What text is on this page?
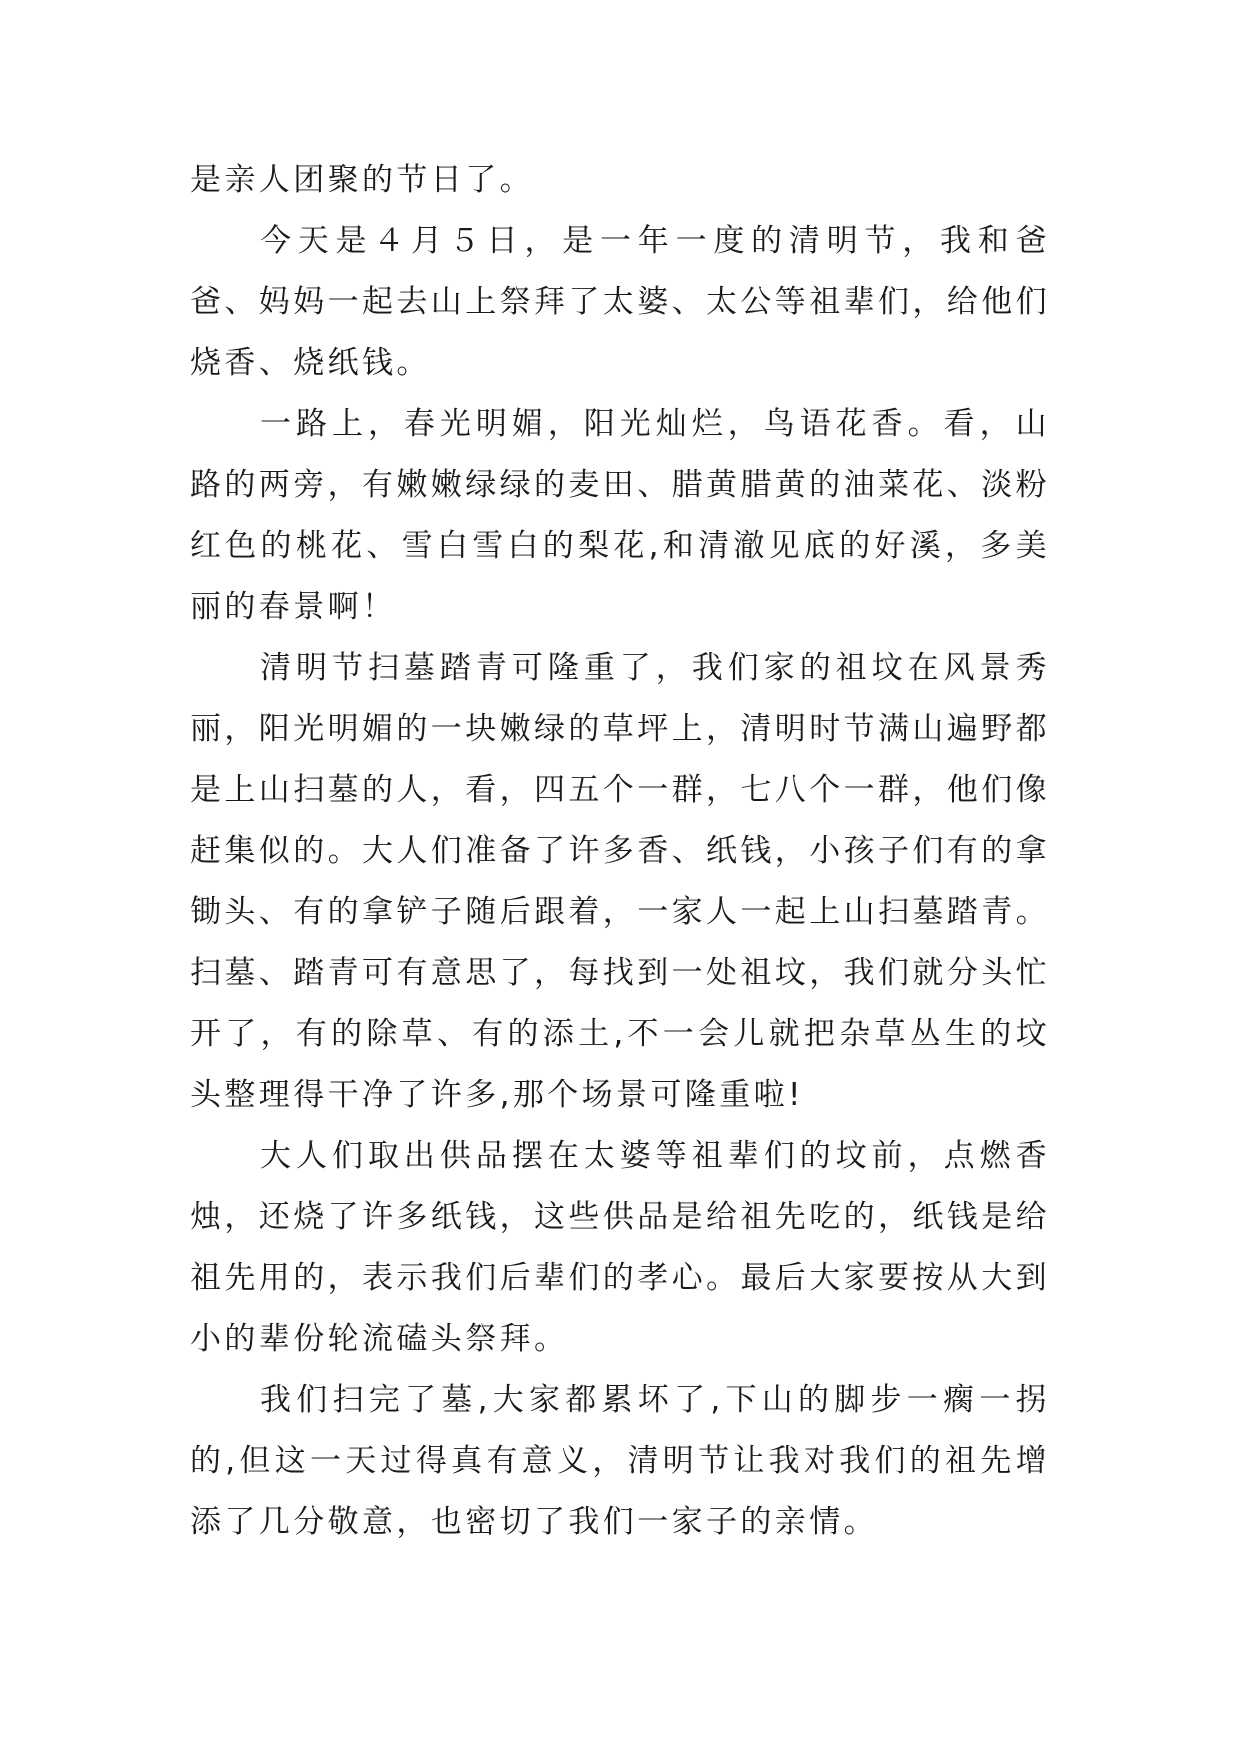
是亲人团聚的节日了。

今天是４月５日，是一年一度的清明节，我和爸爸、妈妈一起去山上祭拜了太婆、太公等祖辈们，给他们烧香、烧纸钱。

一路上，春光明媚，阳光灿烂，鸟语花香。看，山路的两旁，有嫩嫩绿绿的麦田、腊黄腊黄的油菜花、淡粉红色的桃花、雪白雪白的梨花,和清澈见底的好溪，多美丽的春景啊！

清明节扫墓踏青可隆重了，我们家的祖坟在风景秀丽，阳光明媚的一块嫩绿的草坪上，清明时节满山遍野都是上山扫墓的人，看，四五个一群，七八个一群，他们像赶集似的。大人们准备了许多香、纸钱，小孩子们有的拿锄头、有的拿铲子随后跟着，一家人一起上山扫墓踏青。扫墓、踏青可有意思了，每找到一处祖坟，我们就分头忙开了，有的除草、有的添土,不一会儿就把杂草丛生的坟头整理得干净了许多,那个场景可隆重啦!

大人们取出供品摆在太婆等祖辈们的坟前，点燃香烛，还烧了许多纸钱，这些供品是给祖先吃的，纸钱是给祖先用的，表示我们后辈们的孝心。最后大家要按从大到小的辈份轮流磕头祭拜。

我们扫完了墓,大家都累坏了,下山的脚步一瘸一拐的,但这一天过得真有意义，清明节让我对我们的祖先增添了几分敬意，也密切了我们一家子的亲情。
